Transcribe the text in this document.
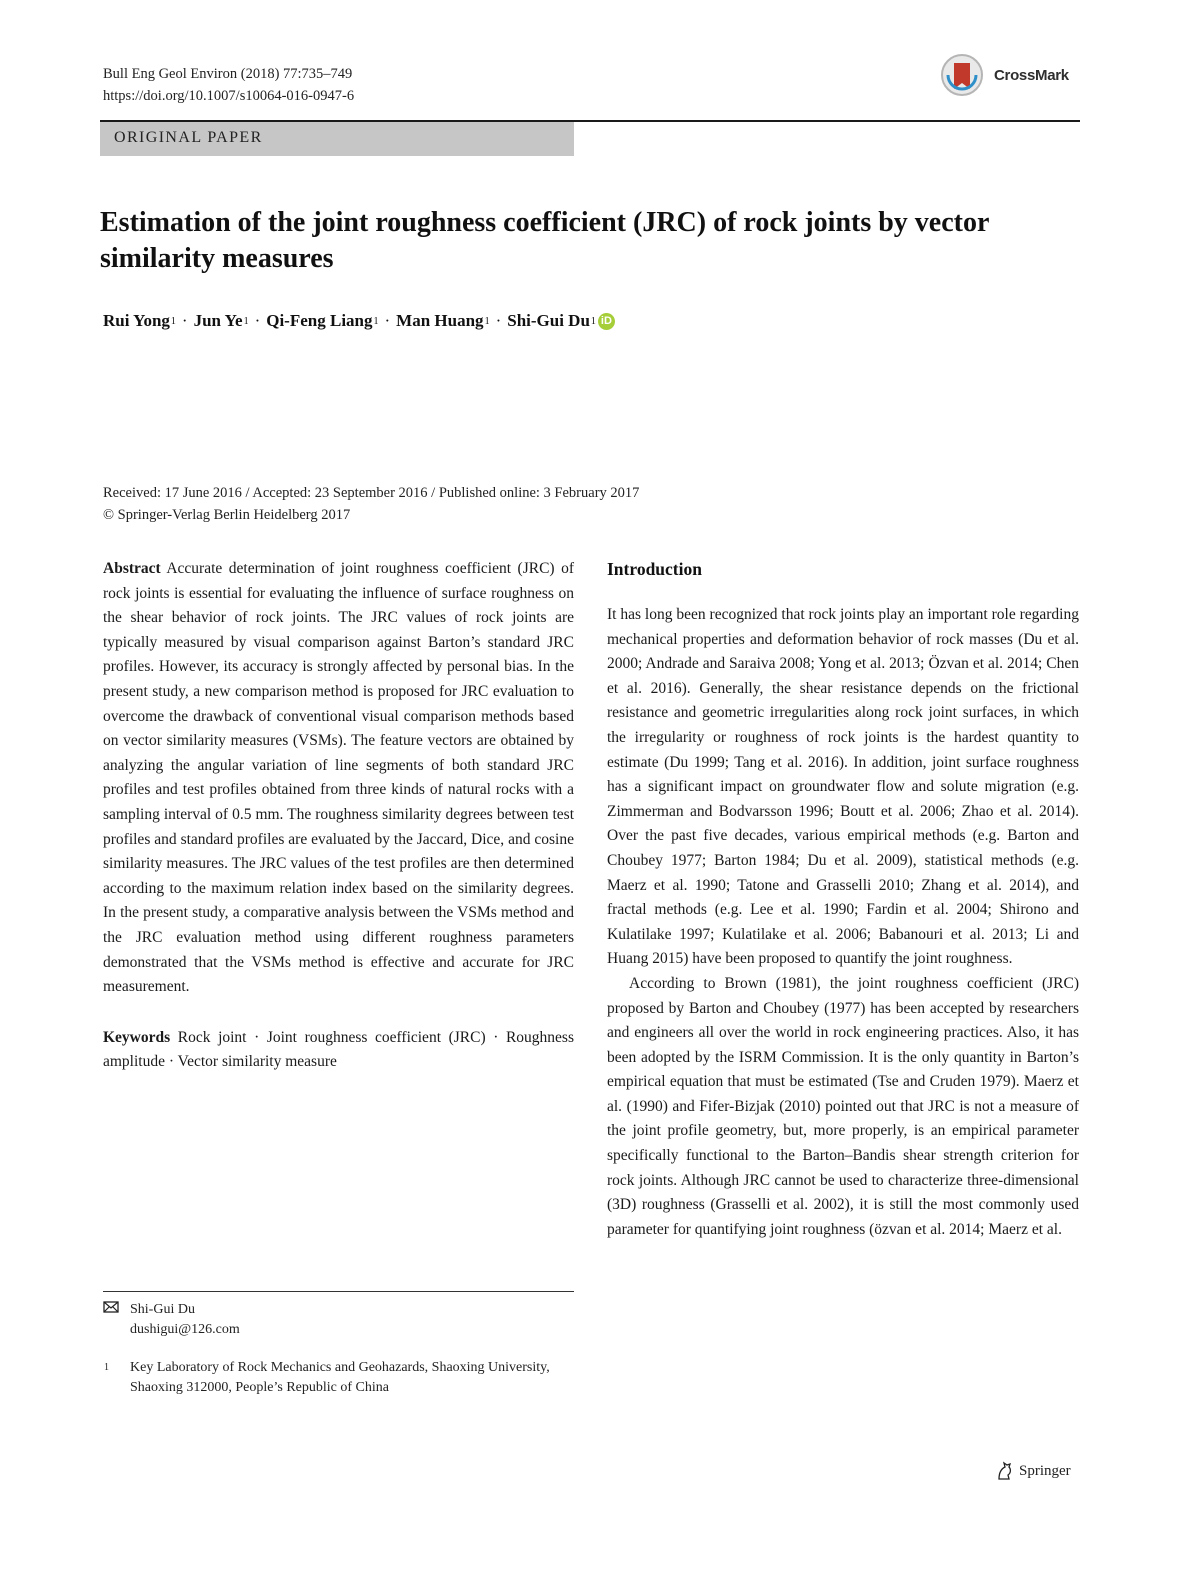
Bull Eng Geol Environ (2018) 77:735–749
https://doi.org/10.1007/s10064-016-0947-6
CrossMark
ORIGINAL PAPER
Estimation of the joint roughness coefficient (JRC) of rock joints by vector similarity measures
Rui Yong 1 · Jun Ye 1 · Qi-Feng Liang 1 · Man Huang 1 · Shi-Gui Du 1 iD
Received: 17 June 2016 / Accepted: 23 September 2016 / Published online: 3 February 2017
© Springer-Verlag Berlin Heidelberg 2017

Abstract Accurate determination of joint roughness coefficient (JRC) of rock joints is essential for evaluating the influence of surface roughness on the shear behavior of rock joints. The JRC values of rock joints are typically measured by visual comparison against Barton’s standard JRC profiles. However, its accuracy is strongly affected by personal bias. In the present study, a new comparison method is proposed for JRC evaluation to overcome the drawback of conventional visual comparison methods based on vector similarity measures (VSMs). The feature vectors are obtained by analyzing the angular variation of line segments of both standard JRC profiles and test profiles obtained from three kinds of natural rocks with a sampling interval of 0.5 mm. The roughness similarity degrees between test profiles and standard profiles are evaluated by the Jaccard, Dice, and cosine similarity measures. The JRC values of the test profiles are then determined according to the maximum relation index based on the similarity degrees. In the present study, a comparative analysis between the VSMs method and the JRC evaluation method using different roughness parameters demonstrated that the VSMs method is effective and accurate for JRC measurement.

Keywords Rock joint · Joint roughness coefficient (JRC) · Roughness amplitude · Vector similarity measure

Shi-Gui Du
dushigui@126.com
1 Key Laboratory of Rock Mechanics and Geohazards, Shaoxing University, Shaoxing 312000, People’s Republic of China
Introduction

It has long been recognized that rock joints play an important role regarding mechanical properties and deformation behavior of rock masses (Du et al. 2000; Andrade and Saraiva 2008; Yong et al. 2013; Özvan et al. 2014; Chen et al. 2016). Generally, the shear resistance depends on the frictional resistance and geometric irregularities along rock joint surfaces, in which the irregularity or roughness of rock joints is the hardest quantity to estimate (Du 1999; Tang et al. 2016). In addition, joint surface roughness has a significant impact on groundwater flow and solute migration (e.g. Zimmerman and Bodvarsson 1996; Boutt et al. 2006; Zhao et al. 2014). Over the past five decades, various empirical methods (e.g. Barton and Choubey 1977; Barton 1984; Du et al. 2009), statistical methods (e.g. Maerz et al. 1990; Tatone and Grasselli 2010; Zhang et al. 2014), and fractal methods (e.g. Lee et al. 1990; Fardin et al. 2004; Shirono and Kulatilake 1997; Kulatilake et al. 2006; Babanouri et al. 2013; Li and Huang 2015) have been proposed to quantify the joint roughness.

According to Brown (1981), the joint roughness coefficient (JRC) proposed by Barton and Choubey (1977) has been accepted by researchers and engineers all over the world in rock engineering practices. Also, it has been adopted by the ISRM Commission. It is the only quantity in Barton’s empirical equation that must be estimated (Tse and Cruden 1979). Maerz et al. (1990) and Fifer-Bizjak (2010) pointed out that JRC is not a measure of the joint profile geometry, but, more properly, is an empirical parameter specifically functional to the Barton–Bandis shear strength criterion for rock joints. Although JRC cannot be used to characterize three-dimensional (3D) roughness (Grasselli et al. 2002), it is still the most commonly used parameter for quantifying joint roughness (özvan et al. 2014; Maerz et al.

Springer
